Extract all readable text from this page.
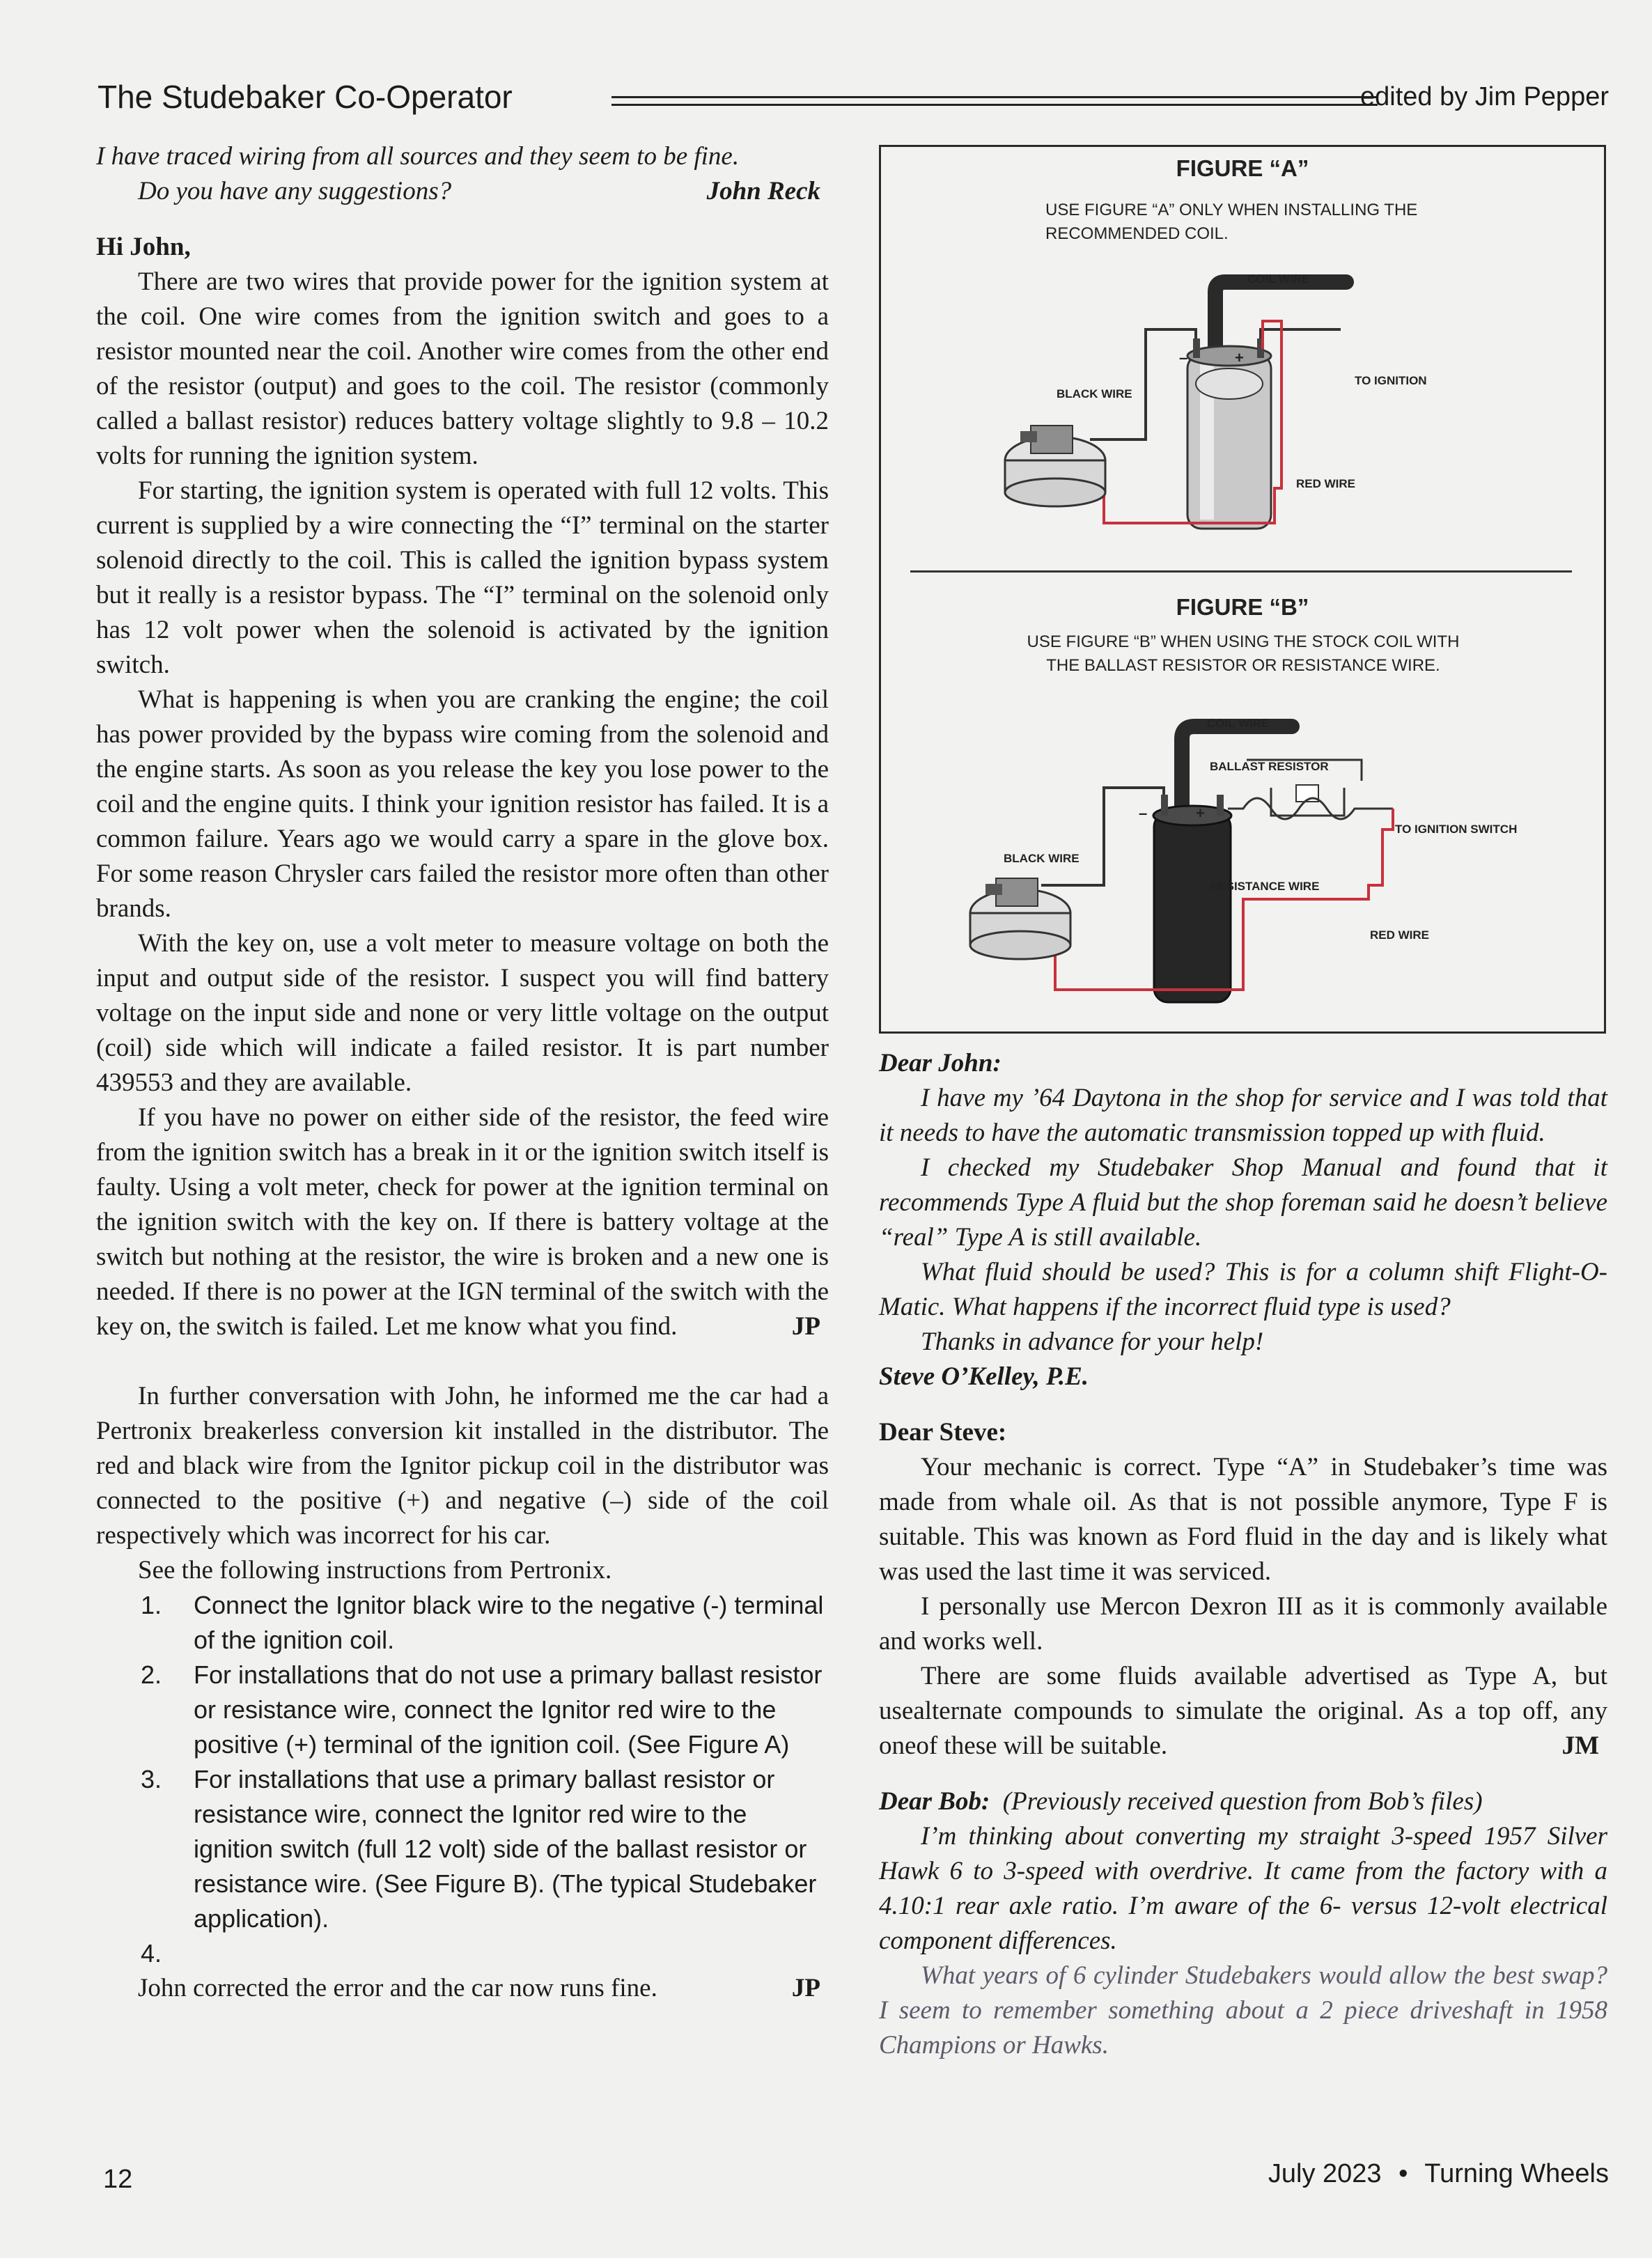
The Studebaker Co-Operator	edited by Jim Pepper

I have traced wiring from all sources and they seem to be fine.

Do you have any suggestions?	John Reck

Hi John,

There are two wires that provide power for the ignition system at the coil. One wire comes from the ignition switch and goes to a resistor mounted near the coil. Another wire comes from the other end of the resistor (output) and goes to the coil. The resistor (commonly called a ballast resistor) reduces battery voltage slightly to 9.8 – 10.2 volts for running the ignition system.

For starting, the ignition system is operated with full 12 volts. This current is supplied by a wire connecting the “I” terminal on the starter solenoid directly to the coil. This is called the ignition bypass system but it really is a resistor bypass. The “I” terminal on the solenoid only has 12 volt power when the solenoid is activated by the ignition switch.

What is happening is when you are cranking the engine; the coil has power provided by the bypass wire coming from the solenoid and the engine starts. As soon as you release the key you lose power to the coil and the engine quits. I think your ignition resistor has failed. It is a common failure. Years ago we would carry a spare in the glove box. For some reason Chrysler cars failed the resistor more often than other brands.

With the key on, use a volt meter to measure voltage on both the input and output side of the resistor. I suspect you will find battery voltage on the input side and none or very little voltage on the output (coil) side which will indicate a failed resistor. It is part number 439553 and they are available.

If you have no power on either side of the resistor, the feed wire from the ignition switch has a break in it or the ignition switch itself is faulty. Using a volt meter, check for power at the ignition terminal on the ignition switch with the key on. If there is battery voltage at the switch but nothing at the resistor, the wire is broken and a new one is needed. If there is no power at the IGN terminal of the switch with the key on, the switch is failed. Let me know what you find.	JP

In further conversation with John, he informed me the car had a Pertronix breakerless conversion kit installed in the distributor. The red and black wire from the Ignitor pickup coil in the distributor was connected to the positive (+) and negative (–) side of the coil respectively which was incorrect for his car.

See the following instructions from Pertronix.

1. Connect the Ignitor black wire to the negative (-) terminal of the ignition coil.
2. For installations that do not use a primary ballast resistor or resistance wire, connect the Ignitor red wire to the positive (+) terminal of the ignition coil. (See Figure A)
3. For installations that use a primary ballast resistor or resistance wire, connect the Ignitor red wire to the ignition switch (full 12 volt) side of the ballast resistor or resistance wire. (See Figure B). (The typical Studebaker application).
4.

John corrected the error and the car now runs fine.	JP

FIGURE “A”
USE FIGURE “A” ONLY WHEN INSTALLING THE
RECOMMENDED COIL.
COIL WIRE
BLACK WIRE
TO IGNITION
RED WIRE
–	+
FIGURE “B”
USE FIGURE “B” WHEN USING THE STOCK COIL WITH
THE BALLAST RESISTOR OR RESISTANCE WIRE.
COIL WIRE
BALLAST RESISTOR
BLACK WIRE
TO IGNITION SWITCH
RESISTANCE WIRE
RED WIRE
–	+

Dear John:

I have my ’64 Daytona in the shop for service and I was told that it needs to have the automatic transmission topped up with fluid.

I checked my Studebaker Shop Manual and found that it recommends Type A fluid but the shop foreman said he doesn’t believe “real” Type A is still available.

What fluid should be used? This is for a column shift Flight-O-Matic. What happens if the incorrect fluid type is used?

Thanks in advance for your help!

Steve O’Kelley, P.E.

Dear Steve:

Your mechanic is correct. Type “A” in Studebaker’s time was made from whale oil. As that is not possible anymore, Type F is suitable. This was known as Ford fluid in the day and is likely what was used the last time it was serviced.

I personally use Mercon Dexron III as it is commonly available and works well.

There are some fluids available advertised as Type A, but usealternate compounds to simulate the original. As a top off, any oneof these will be suitable.	JM

Dear Bob: (Previously received question from Bob’s files)

I’m thinking about converting my straight 3-speed 1957 Silver Hawk 6 to 3-speed with overdrive. It came from the factory with a 4.10:1 rear axle ratio. I’m aware of the 6- versus 12-volt electrical component differences.

What years of 6 cylinder Studebakers would allow the best swap? I seem to remember something about a 2 piece driveshaft in 1958 Champions or Hawks.

12	July 2023 • Turning Wheels
